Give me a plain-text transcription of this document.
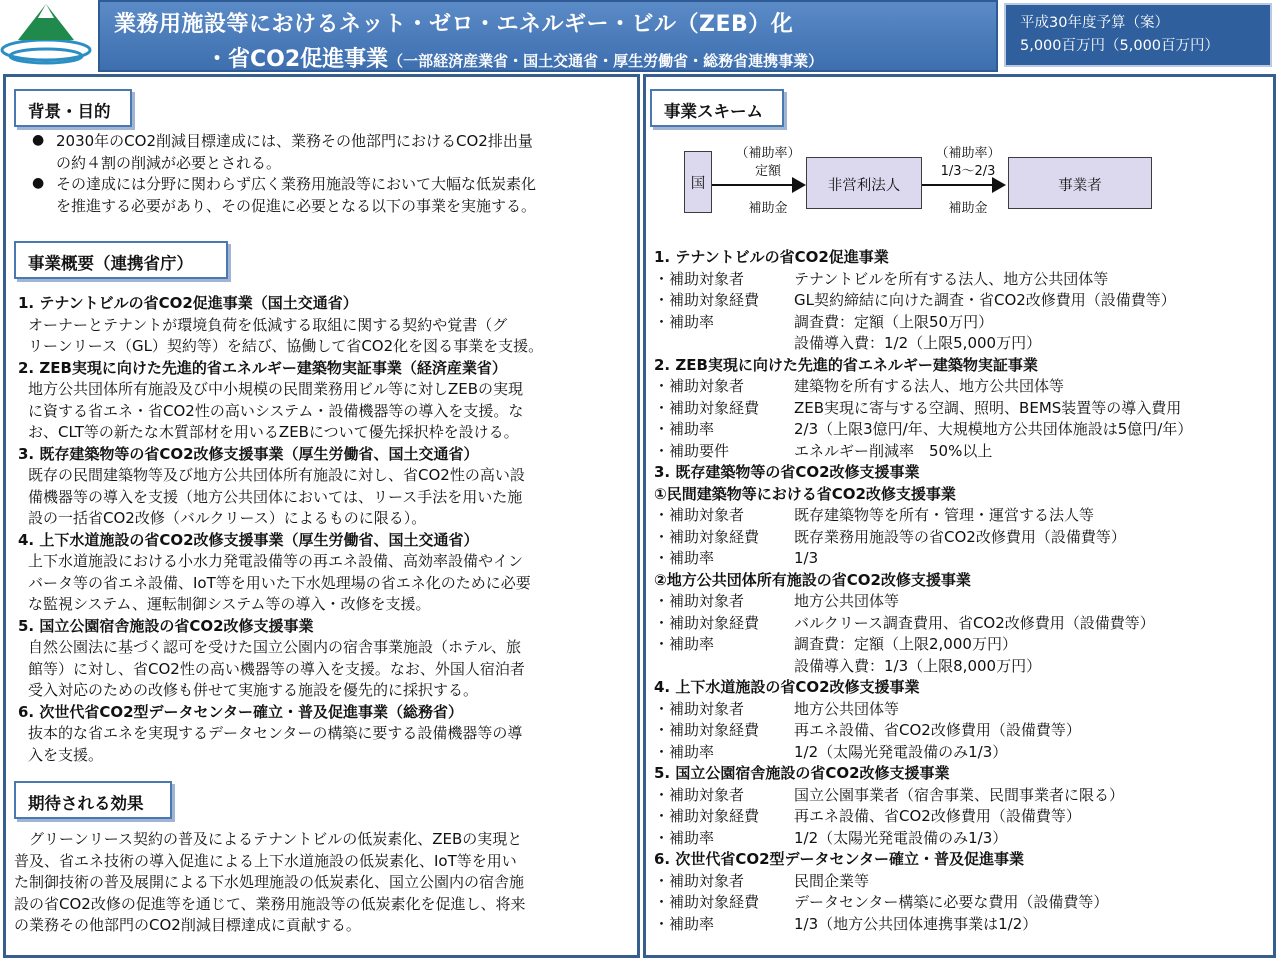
業務用施設等におけるネット・ゼロ・エネルギー・ビル（ZEB）化
・省CO2促進事業（一部経済産業省・国土交通省・厚生労働省・総務省連携事業）
平成30年度予算（案）
5,000百万円（5,000百万円）
背景・目的
● 2030年のCO2削減目標達成には、業務その他部門におけるCO2排出量
の約４割の削減が必要とされる。
● その達成には分野に関わらず広く業務用施設等において大幅な低炭素化
を推進する必要があり、その促進に必要となる以下の事業を実施する。
事業概要（連携省庁）
1. テナントビルの省CO2促進事業（国土交通省）
オーナーとテナントが環境負荷を低減する取組に関する契約や覚書（グ
リーンリース（GL）契約等）を結び、協働して省CO2化を図る事業を支援。
2. ZEB実現に向けた先進的省エネルギー建築物実証事業（経済産業省）
地方公共団体所有施設及び中小規模の民間業務用ビル等に対しZEBの実現
に資する省エネ・省CO2性の高いシステム・設備機器等の導入を支援。な
お、CLT等の新たな木質部材を用いるZEBについて優先採択枠を設ける。
3. 既存建築物等の省CO2改修支援事業（厚生労働省、国土交通省）
既存の民間建築物等及び地方公共団体所有施設に対し、省CO2性の高い設
備機器等の導入を支援（地方公共団体においては、リース手法を用いた施
設の一括省CO2改修（バルクリース）によるものに限る）。
4. 上下水道施設の省CO2改修支援事業（厚生労働省、国土交通省）
上下水道施設における小水力発電設備等の再エネ設備、高効率設備やイン
バータ等の省エネ設備、IoT等を用いた下水処理場の省エネ化のために必要
な監視システム、運転制御システム等の導入・改修を支援。
5. 国立公園宿舎施設の省CO2改修支援事業
自然公園法に基づく認可を受けた国立公園内の宿舎事業施設（ホテル、旅
館等）に対し、省CO2性の高い機器等の導入を支援。なお、外国人宿泊者
受入対応のための改修も併せて実施する施設を優先的に採択する。
6. 次世代省CO2型データセンター確立・普及促進事業（総務省）
抜本的な省エネを実現するデータセンターの構築に要する設備機器等の導
入を支援。
期待される効果
　グリーンリース契約の普及によるテナントビルの低炭素化、ZEBの実現と
普及、省エネ技術の導入促進による上下水道施設の低炭素化、IoT等を用い
た制御技術の普及展開による下水処理施設の低炭素化、国立公園内の宿舎施
設の省CO2改修の促進等を通じて、業務用施設等の低炭素化を促進し、将来
の業務その他部門のCO2削減目標達成に貢献する。
事業スキーム
国
（補助率）
定額
補助金
非営利法人
（補助率）
1/3～2/3
補助金
事業者
1. テナントビルの省CO2促進事業
・補助対象者	テナントビルを所有する法人、地方公共団体等
・補助対象経費 GL契約締結に向けた調査・省CO2改修費用（設備費等）
・補助率	調査費：定額（上限50万円）
設備導入費：1/2（上限5,000万円）
2. ZEB実現に向けた先進的省エネルギー建築物実証事業
・補助対象者	建築物を所有する法人、地方公共団体等
・補助対象経費 ZEB実現に寄与する空調、照明、BEMS装置等の導入費用
・補助率	2/3（上限3億円/年、大規模地方公共団体施設は5億円/年）
・補助要件	エネルギー削減率　50%以上
3. 既存建築物等の省CO2改修支援事業
①民間建築物等における省CO2改修支援事業
・補助対象者	既存建築物等を所有・管理・運営する法人等
・補助対象経費 既存業務用施設等の省CO2改修費用（設備費等）
・補助率	1/3
②地方公共団体所有施設の省CO2改修支援事業
・補助対象者	地方公共団体等
・補助対象経費 バルクリース調査費用、省CO2改修費用（設備費等）
・補助率	調査費：定額（上限2,000万円）
設備導入費：1/3（上限8,000万円）
4. 上下水道施設の省CO2改修支援事業
・補助対象者	地方公共団体等
・補助対象経費 再エネ設備、省CO2改修費用（設備費等）
・補助率	1/2（太陽光発電設備のみ1/3）
5. 国立公園宿舎施設の省CO2改修支援事業
・補助対象者	国立公園事業者（宿舎事業、民間事業者に限る）
・補助対象経費 再エネ設備、省CO2改修費用（設備費等）
・補助率	1/2（太陽光発電設備のみ1/3）
6. 次世代省CO2型データセンター確立・普及促進事業
・補助対象者	民間企業等
・補助対象経費 データセンター構築に必要な費用（設備費等）
・補助率	1/3（地方公共団体連携事業は1/2）
